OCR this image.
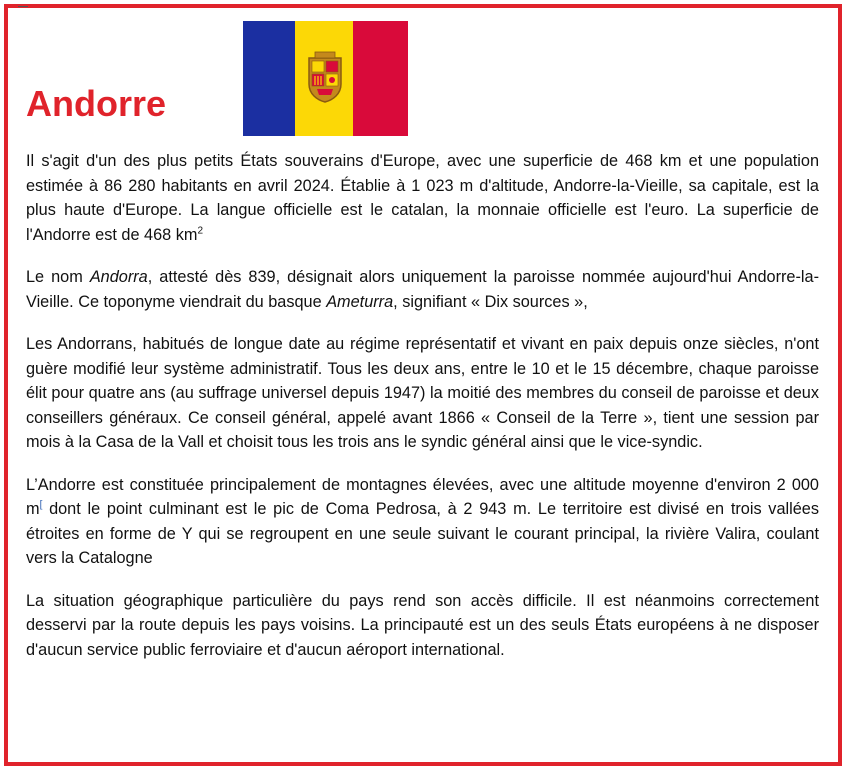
Andorre

Il s'agit d'un des plus petits États souverains d'Europe, avec une superficie de 468 km et une population estimée à 86 280 habitants en avril 2024. Établie à 1 023 m d'altitude, Andorre-la-Vieille, sa capitale, est la plus haute d'Europe. La langue officielle est le catalan, la monnaie officielle est l'euro. La superficie de l'Andorre est de 468 $km^2$

Le nom Andorra, attesté dès 839, désignait alors uniquement la paroisse nommée aujourd'hui Andorre-la-Vieille. Ce toponyme viendrait du basque Ameturra, signifiant « Dix sources »,

Les Andorrans, habitués de longue date au régime représentatif et vivant en paix depuis onze siècles, n'ont guère modifié leur système administratif. Tous les deux ans, entre le 10 et le 15 décembre, chaque paroisse élit pour quatre ans (au suffrage universel depuis 1947) la moitié des membres du conseil de paroisse et deux conseillers généraux. Ce conseil général, appelé avant 1866 « Conseil de la Terre », tient une session par mois à la Casa de la Vall et choisit tous les trois ans le syndic général ainsi que le vice-syndic.

L’Andorre est constituée principalement de montagnes élevées, avec une altitude moyenne d'environ 2 000 m[ dont le point culminant est le pic de Coma Pedrosa, à 2 943 m. Le territoire est divisé en trois vallées étroites en forme de Y qui se regroupent en une seule suivant le courant principal, la rivière Valira, coulant vers la Catalogne

La situation géographique particulière du pays rend son accès difficile. Il est néanmoins correctement desservi par la route depuis les pays voisins. La principauté est un des seuls États européens à ne disposer d'aucun service public ferroviaire et d'aucun aéroport international.
